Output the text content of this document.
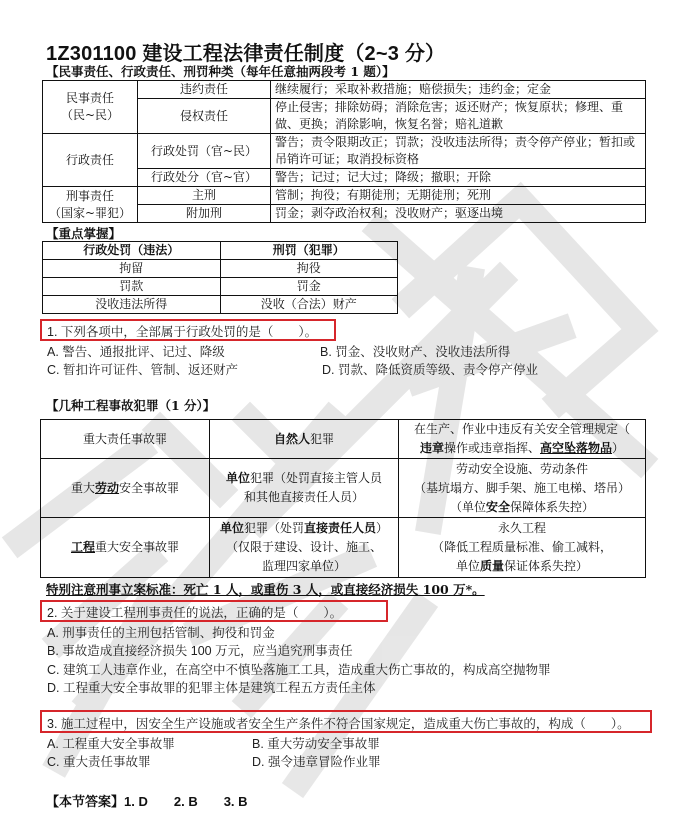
1Z301100 建设工程法律责任制度（2~3 分）
【民事责任、行政责任、刑罚种类（每年任意抽两段考 1 题）】
民事责任
（民~民）	违约责任	继续履行；采取补救措施；赔偿损失；违约金；定金
	侵权责任	停止侵害；排除妨碍；消除危害；返还财产；恢复原状；修理、重做、更换；消除影响，恢复名誉；赔礼道歉
行政责任	行政处罚（官~民）	警告；责令限期改正；罚款；没收违法所得；责令停产停业；暂扣或吊销许可证；取消投标资格
	行政处分（官~官）	警告；记过；记大过；降级；撤职；开除
刑事责任
（国家~罪犯）	主刑	管制；拘役；有期徒刑；无期徒刑；死刑
	附加刑	罚金；剥夺政治权利；没收财产；驱逐出境
【重点掌握】
行政处罚（违法）	刑罚（犯罪）
拘留	拘役
罚款	罚金
没收违法所得	没收（合法）财产
1. 下列各项中，全部属于行政处罚的是（　　）。
A. 警告、通报批评、记过、降级	B. 罚金、没收财产、没收违法所得
C. 暂扣许可证件、管制、返还财产	D. 罚款、降低资质等级、责令停产停业
【几种工程事故犯罪（1 分）】
重大责任事故罪	自然人犯罪	在生产、作业中违反有关安全管理规定（
违章操作或违章指挥、高空坠落物品）
重大劳动安全事故罪	单位犯罪（处罚直接主管人员
和其他直接责任人员）	劳动安全设施、劳动条件
（基坑塌方、脚手架、施工电梯、塔吊）
（单位安全保障体系失控）
工程重大安全事故罪	单位犯罪（处罚直接责任人员）
（仅限于建设、设计、施工、
监理四家单位）	永久工程
（降低工程质量标准、偷工减料，
单位质量保证体系失控）
特别注意刑事立案标准：死亡 1 人，或重伤 3 人，或直接经济损失 100 万*。
2. 关于建设工程刑事责任的说法，正确的是（　　）。
A. 刑事责任的主刑包括管制、拘役和罚金
B. 事故造成直接经济损失 100 万元，应当追究刑事责任
C. 建筑工人违章作业，在高空中不慎坠落施工工具，造成重大伤亡事故的，构成高空抛物罪
D. 工程重大安全事故罪的犯罪主体是建筑工程五方责任主体
3. 施工过程中，因安全生产设施或者安全生产条件不符合国家规定，造成重大伤亡事故的，构成（　　）。
A. 工程重大安全事故罪	B. 重大劳动安全事故罪
C. 重大责任事故罪	D. 强令违章冒险作业罪
【本节答案】1. D 2. B 3. B
